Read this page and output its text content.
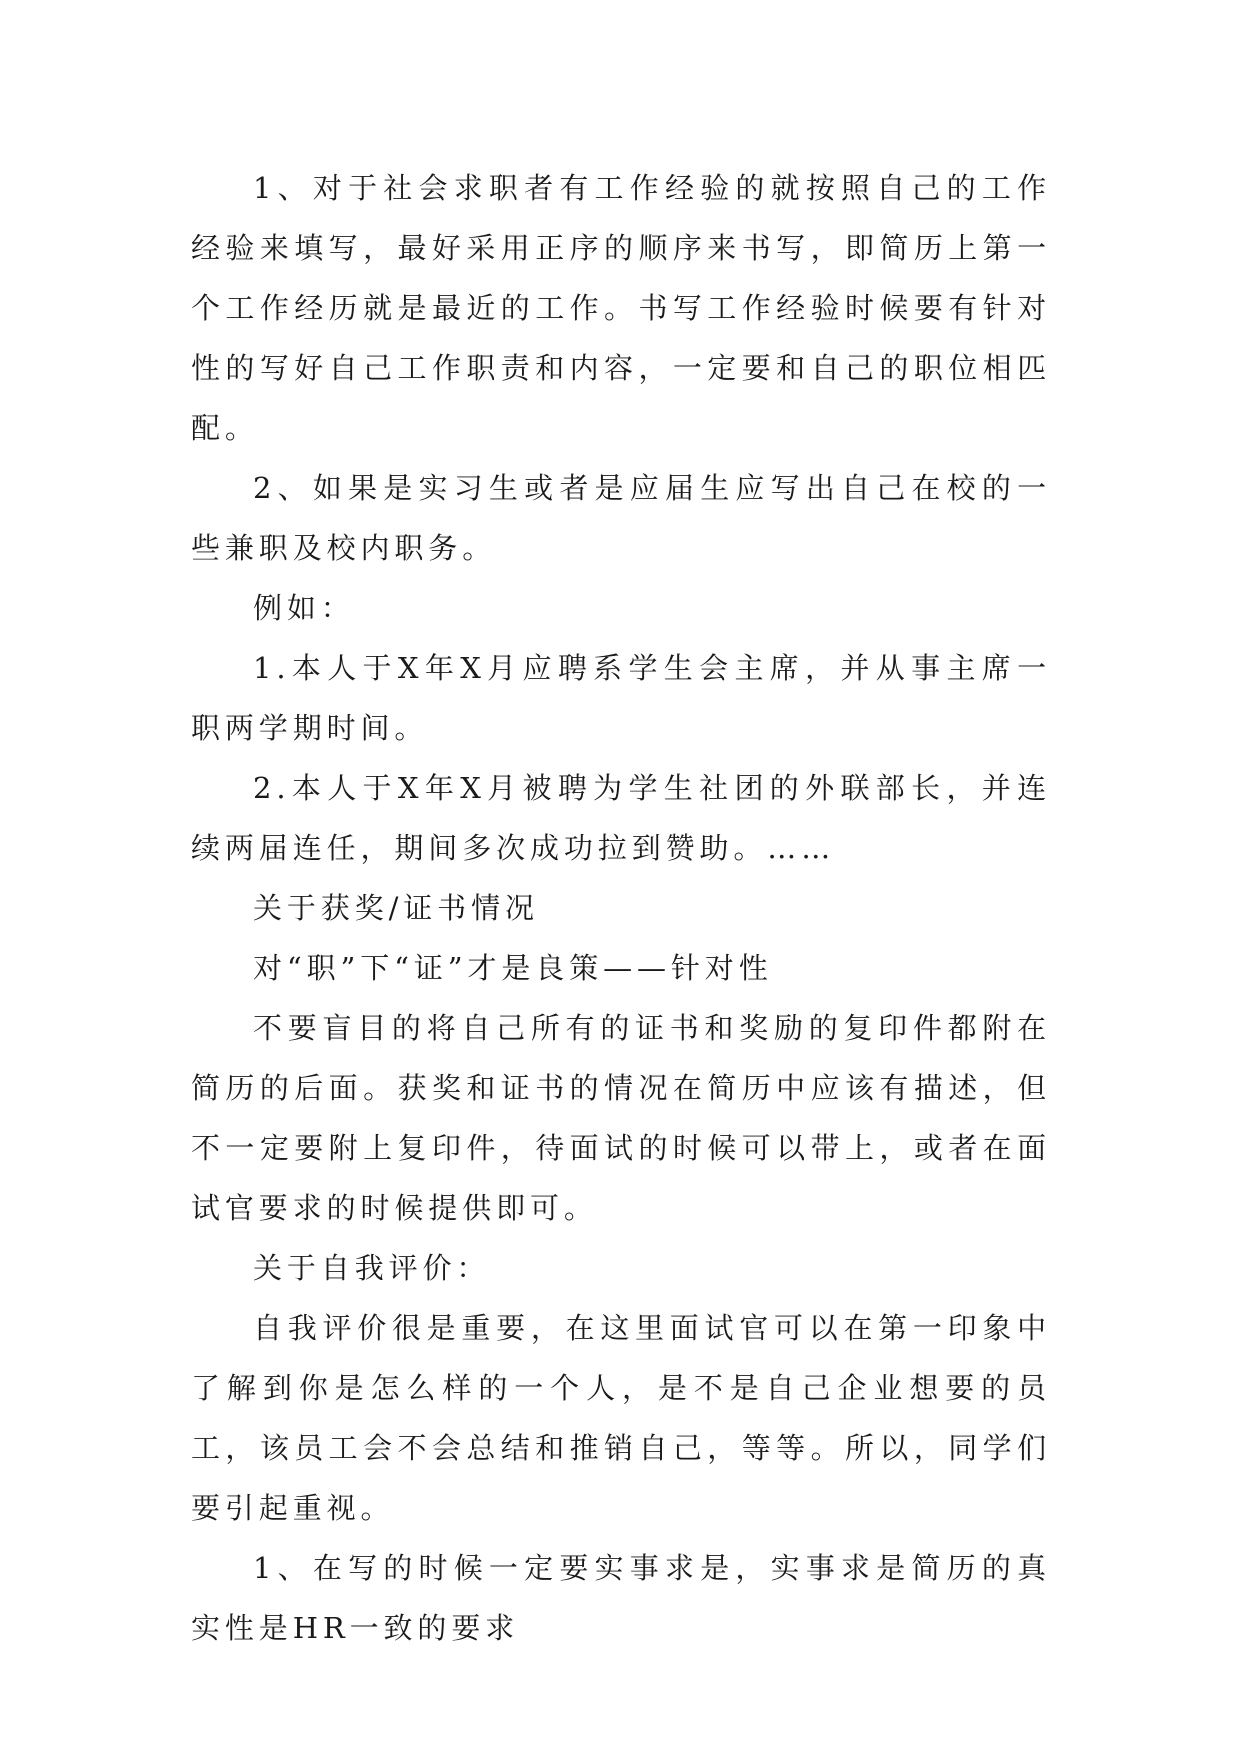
1、对于社会求职者有工作经验的就按照自己的工作经验来填写，最好采用正序的顺序来书写，即简历上第一个工作经历就是最近的工作。书写工作经验时候要有针对性的写好自己工作职责和内容，一定要和自己的职位相匹配。

2、如果是实习生或者是应届生应写出自己在校的一些兼职及校内职务。

例如：

1.本人于X年X月应聘系学生会主席，并从事主席一职两学期时间。

2.本人于X年X月被聘为学生社团的外联部长，并连续两届连任，期间多次成功拉到赞助。……

关于获奖/证书情况

对“职”下“证”才是良策——针对性

不要盲目的将自己所有的证书和奖励的复印件都附在简历的后面。获奖和证书的情况在简历中应该有描述，但不一定要附上复印件，待面试的时候可以带上，或者在面试官要求的时候提供即可。

关于自我评价：

自我评价很是重要，在这里面试官可以在第一印象中了解到你是怎么样的一个人，是不是自己企业想要的员工，该员工会不会总结和推销自己，等等。所以，同学们要引起重视。

1、在写的时候一定要实事求是，实事求是简历的真实性是HR一致的要求
